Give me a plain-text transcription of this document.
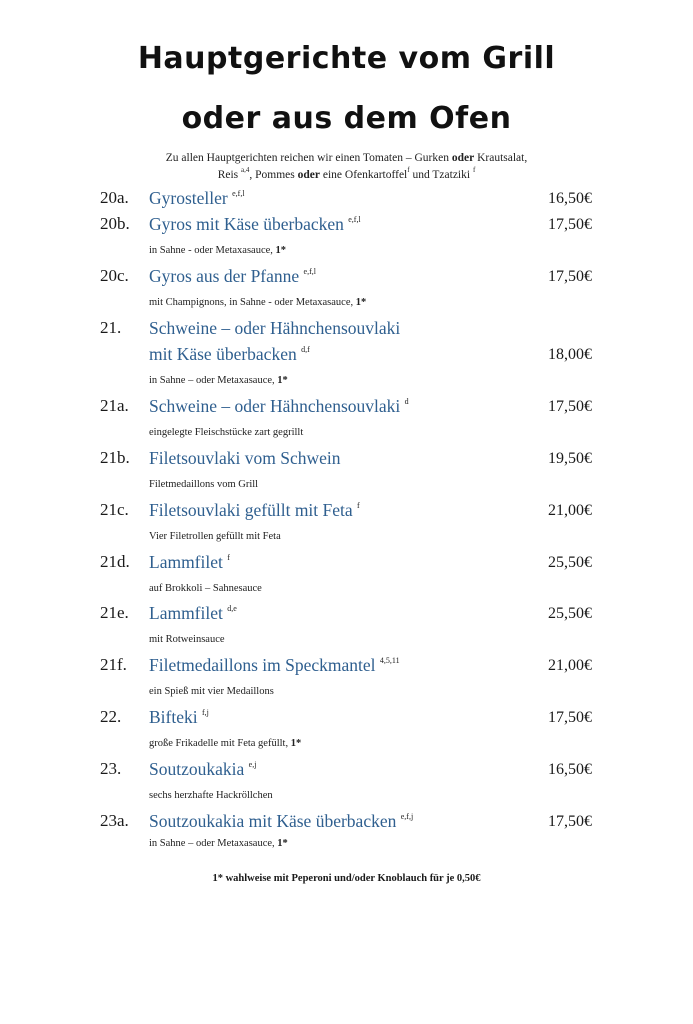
Hauptgerichte vom Grill
oder aus dem Ofen
Zu allen Hauptgerichten reichen wir einen Tomaten – Gurken oder Krautsalat,
Reis $^{a,4}$, Pommes oder eine Ofenkartoffel$^f$ und Tzatziki $^f$
20a. Gyrosteller $^{e,f,l}$	16,50€
20b. Gyros mit Käse überbacken $^{e,f,l}$	17,50€
in Sahne - oder Metaxasauce, 1*
20c. Gyros aus der Pfanne $^{e,f,l}$	17,50€
mit Champignons, in Sahne - oder Metaxasauce, 1*
21. Schweine – oder Hähnchensouvlaki
mit Käse überbacken $^{d,f}$	18,00€
in Sahne – oder Metaxasauce, 1*
21a. Schweine – oder Hähnchensouvlaki $^d$	17,50€
eingelegte Fleischstücke zart gegrillt
21b. Filetsouvlaki vom Schwein	19,50€
Filetmedaillons vom Grill
21c. Filetsouvlaki gefüllt mit Feta $^f$	21,00€
Vier Filetrollen gefüllt mit Feta
21d. Lammfilet $^f$	25,50€
auf Brokkoli – Sahnesauce
21e. Lammfilet $^{d,e}$	25,50€
mit Rotweinsauce
21f. Filetmedaillons im Speckmantel $^{4,5,11}$	21,00€
ein Spieß mit vier Medaillons
22. Bifteki $^{f,j}$	17,50€
große Frikadelle mit Feta gefüllt, 1*
23. Soutzoukakia $^{e,j}$	16,50€
sechs herzhafte Hackröllchen
23a. Soutzoukakia mit Käse überbacken $^{e,f,j}$	17,50€
in Sahne – oder Metaxasauce, 1*
1* wahlweise mit Peperoni und/oder Knoblauch für je 0,50€
